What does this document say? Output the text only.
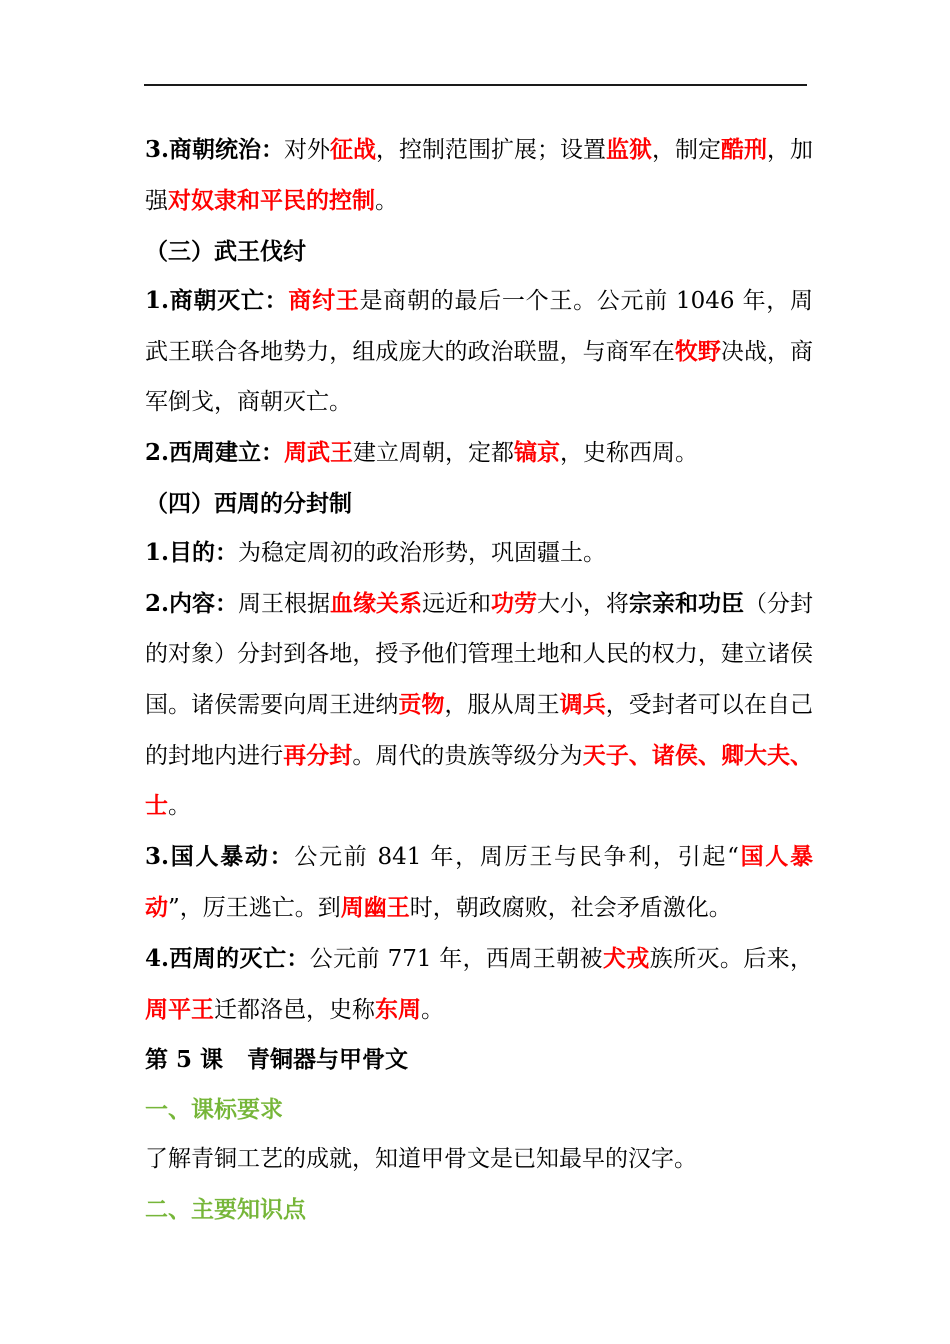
3.商朝统治：对外征战，控制范围扩展；设置监狱，制定酷刑，加强对奴隶和平民的控制。

（三）武王伐纣

1.商朝灭亡：商纣王是商朝的最后一个王。公元前 1046 年，周武王联合各地势力，组成庞大的政治联盟，与商军在牧野决战，商军倒戈，商朝灭亡。

2.西周建立：周武王建立周朝，定都镐京，史称西周。

（四）西周的分封制

1.目的：为稳定周初的政治形势，巩固疆土。

2.内容：周王根据血缘关系远近和功劳大小，将宗亲和功臣（分封的对象）分封到各地，授予他们管理土地和人民的权力，建立诸侯国。诸侯需要向周王进纳贡物，服从周王调兵，受封者可以在自己的封地内进行再分封。周代的贵族等级分为天子、诸侯、卿大夫、士。

3.国人暴动：公元前 841 年，周厉王与民争利，引起“国人暴动”，厉王逃亡。到周幽王时，朝政腐败，社会矛盾激化。

4.西周的灭亡：公元前 771 年，西周王朝被犬戎族所灭。后来，周平王迁都洛邑，史称东周。

第 5 课 青铜器与甲骨文

一、课标要求

了解青铜工艺的成就，知道甲骨文是已知最早的汉字。

二、主要知识点
